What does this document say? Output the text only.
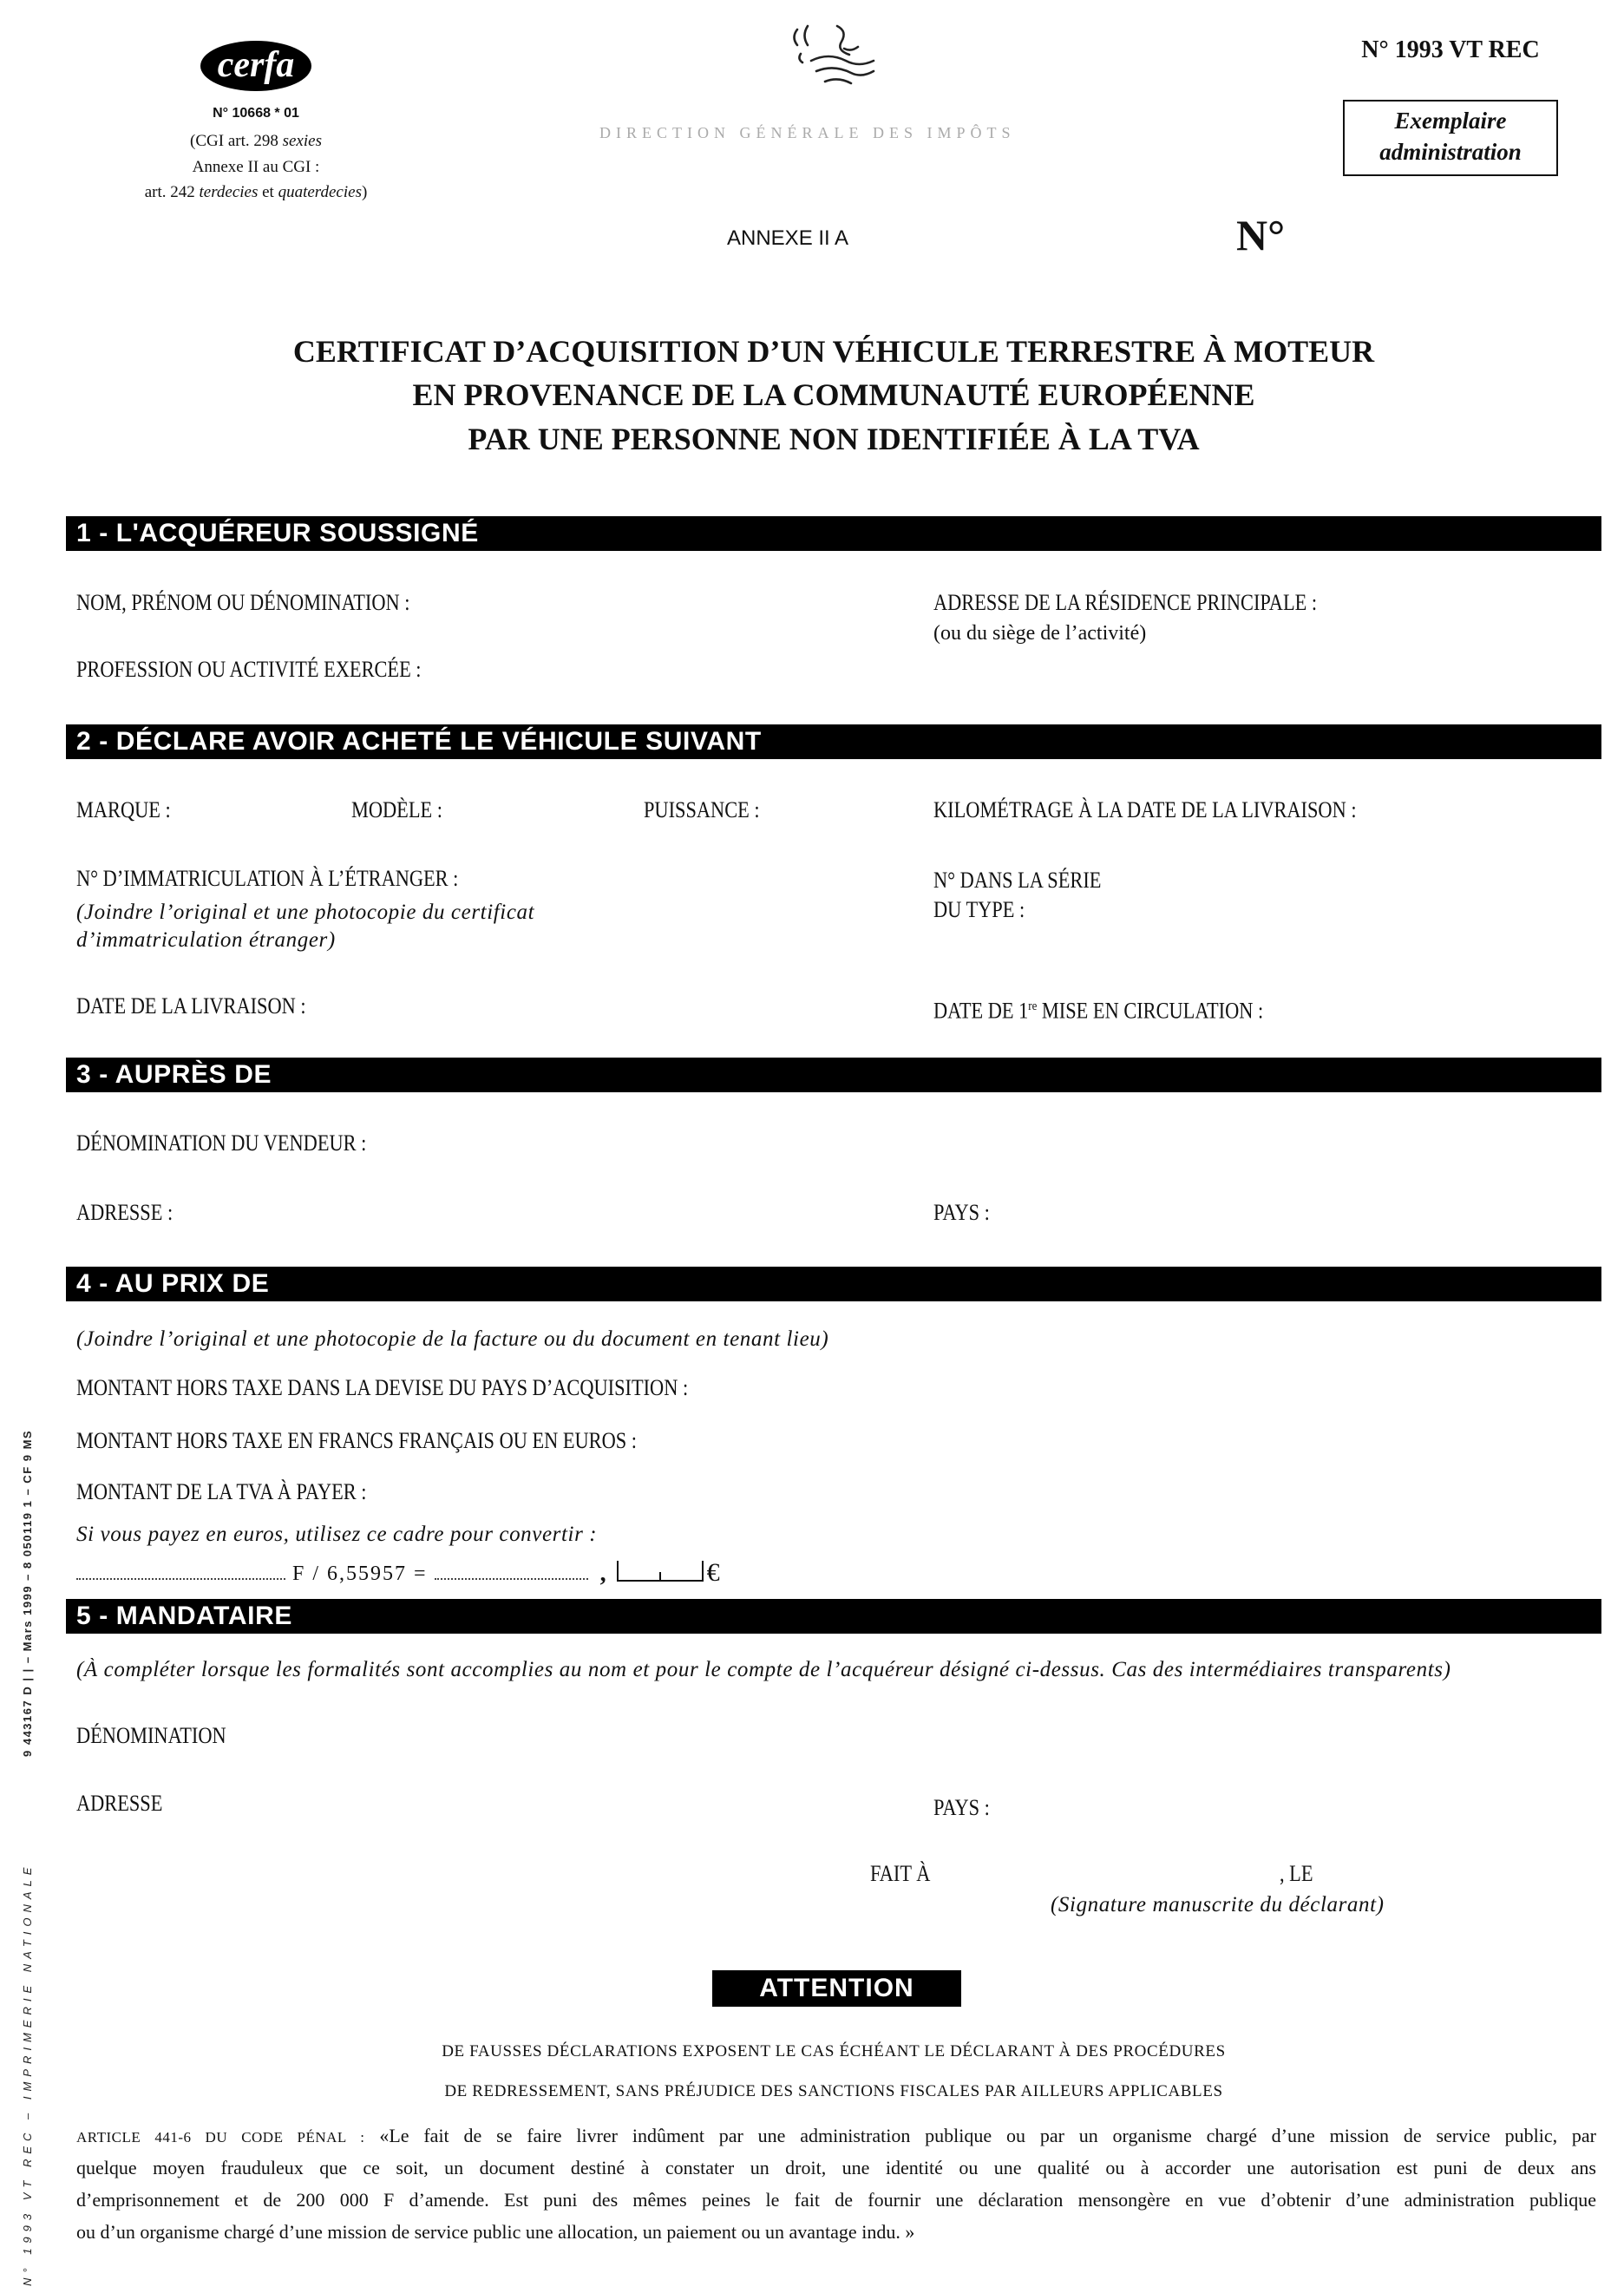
cerfa
N° 10668 * 01
(CGI art. 298 sexies
Annexe II au CGI :
art. 242 terdecies et quaterdecies)
DIRECTION GÉNÉRALE DES IMPÔTS
N° 1993 VT REC
Exemplaire
administration
ANNEXE II A	N°
CERTIFICAT D’ACQUISITION D’UN VÉHICULE TERRESTRE À MOTEUR
EN PROVENANCE DE LA COMMUNAUTÉ EUROPÉENNE
PAR UNE PERSONNE NON IDENTIFIÉE À LA TVA
1 - L'ACQUÉREUR SOUSSIGNÉ
NOM, PRÉNOM OU DÉNOMINATION :	ADRESSE DE LA RÉSIDENCE PRINCIPALE :
(ou du siège de l’activité)
PROFESSION OU ACTIVITÉ EXERCÉE :
2 - DÉCLARE AVOIR ACHETÉ LE VÉHICULE SUIVANT
MARQUE :	MODÈLE :	PUISSANCE :	KILOMÉTRAGE À LA DATE DE LA LIVRAISON :
N° D’IMMATRICULATION À L’ÉTRANGER :
(Joindre l’original et une photocopie du certificat
d’immatriculation étranger)
N° DANS LA SÉRIE
DU TYPE :
DATE DE LA LIVRAISON :	DATE DE 1re MISE EN CIRCULATION :
3 - AUPRÈS DE
DÉNOMINATION DU VENDEUR :
ADRESSE :	PAYS :
4 - AU PRIX DE
(Joindre l’original et une photocopie de la facture ou du document en tenant lieu)
MONTANT HORS TAXE DANS LA DEVISE DU PAYS D’ACQUISITION :
MONTANT HORS TAXE EN FRANCS FRANÇAIS OU EN EUROS :
MONTANT DE LA TVA À PAYER :
Si vous payez en euros, utilisez ce cadre pour convertir :
F / 6,55957 =	,	€
5 - MANDATAIRE
(À compléter lorsque les formalités sont accomplies au nom et pour le compte de l’acquéreur désigné ci-dessus. Cas des intermédiaires transparents)
DÉNOMINATION
ADRESSE	PAYS :
FAIT À	, LE
(Signature manuscrite du déclarant)
ATTENTION
DE FAUSSES DÉCLARATIONS EXPOSENT LE CAS ÉCHÉANT LE DÉCLARANT À DES PROCÉDURES
DE REDRESSEMENT, SANS PRÉJUDICE DES SANCTIONS FISCALES PAR AILLEURS APPLICABLES
ARTICLE 441-6 DU CODE PÉNAL : «Le fait de se faire livrer indûment par une administration publique ou par un organisme chargé d’une mission de service public, par
quelque moyen frauduleux que ce soit, un document destiné à constater un droit, une identité ou une qualité ou à accorder une autorisation est puni de deux ans
d’emprisonnement et de 200 000 F d’amende. Est puni des mêmes peines le fait de fournir une déclaration mensongère en vue d’obtenir d’une administration publique
ou d’un organisme chargé d’une mission de service public une allocation, un paiement ou un avantage indu. »
9 443167 D | | – Mars 1999 – 8 050119 1 – CF 9 MS
N° 1993 VT REC – IMPRIMERIE NATIONALE
